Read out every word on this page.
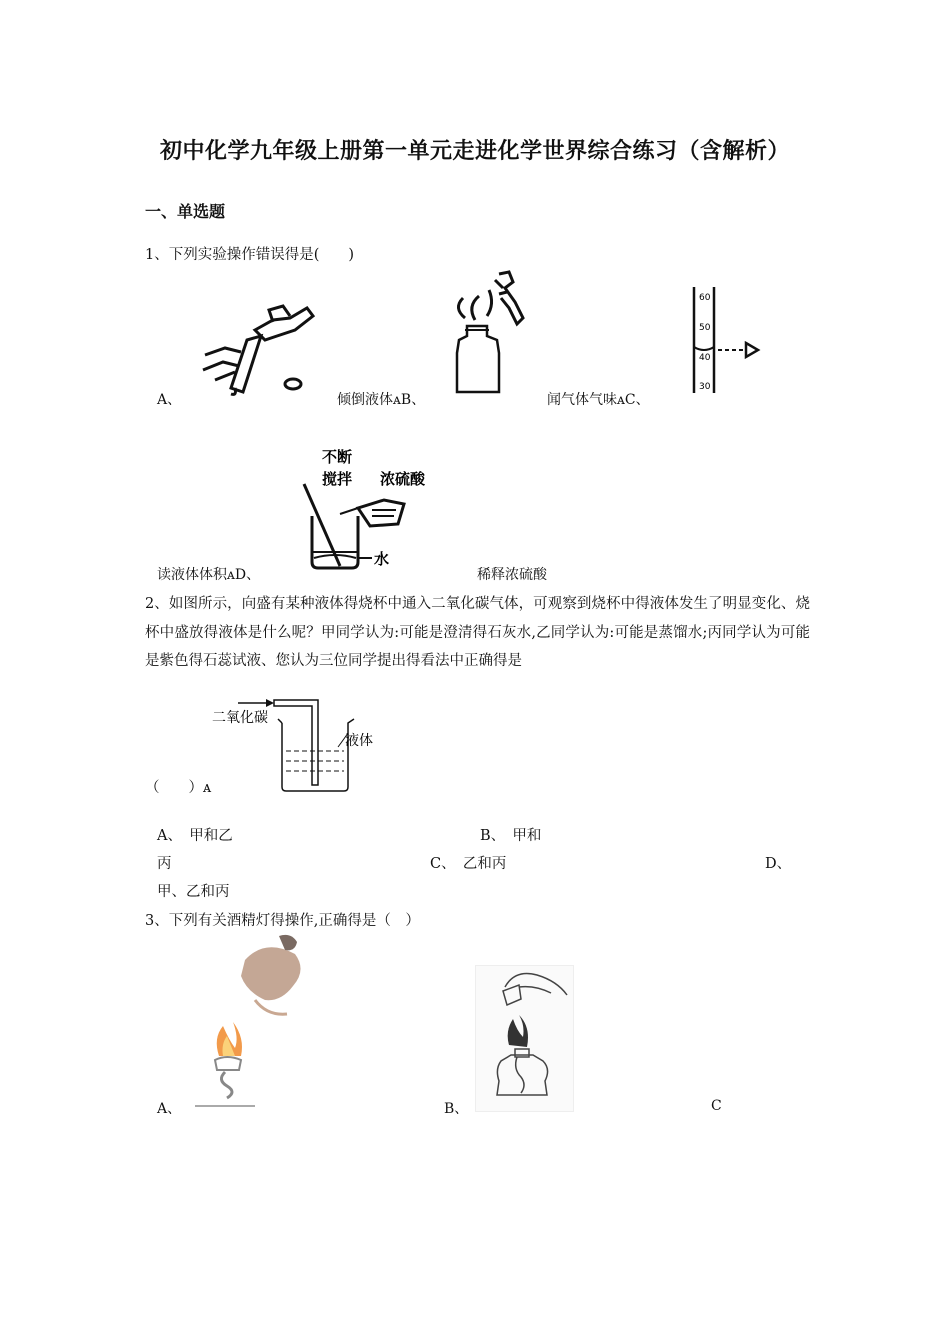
初中化学九年级上册第一单元走进化学世界综合练习（含解析）
一、单选题
1、下列实验操作错误得是(　　)
60
50
40
30
A、	倾倒液体ᴀB、	闻气体气味ᴀC、
不断
搅拌 浓硫酸
水
读液体体积ᴀD、	稀释浓硫酸
2、如图所示，向盛有某种液体得烧杯中通入二氧化碳气体，可观察到烧杯中得液体发生了明显变化、烧杯中盛放得液体是什么呢？甲同学认为:可能是澄清得石灰水,乙同学认为:可能是蒸馏水;丙同学认为可能是紫色得石蕊试液、您认为三位同学提出得看法中正确得是
二氧化碳
液体
（　　）ᴀ
A、　甲和乙	B、　甲和
丙	C、　乙和丙	D、
甲、乙和丙
3、下列有关酒精灯得操作,正确得是（　）
A、	B、	C
